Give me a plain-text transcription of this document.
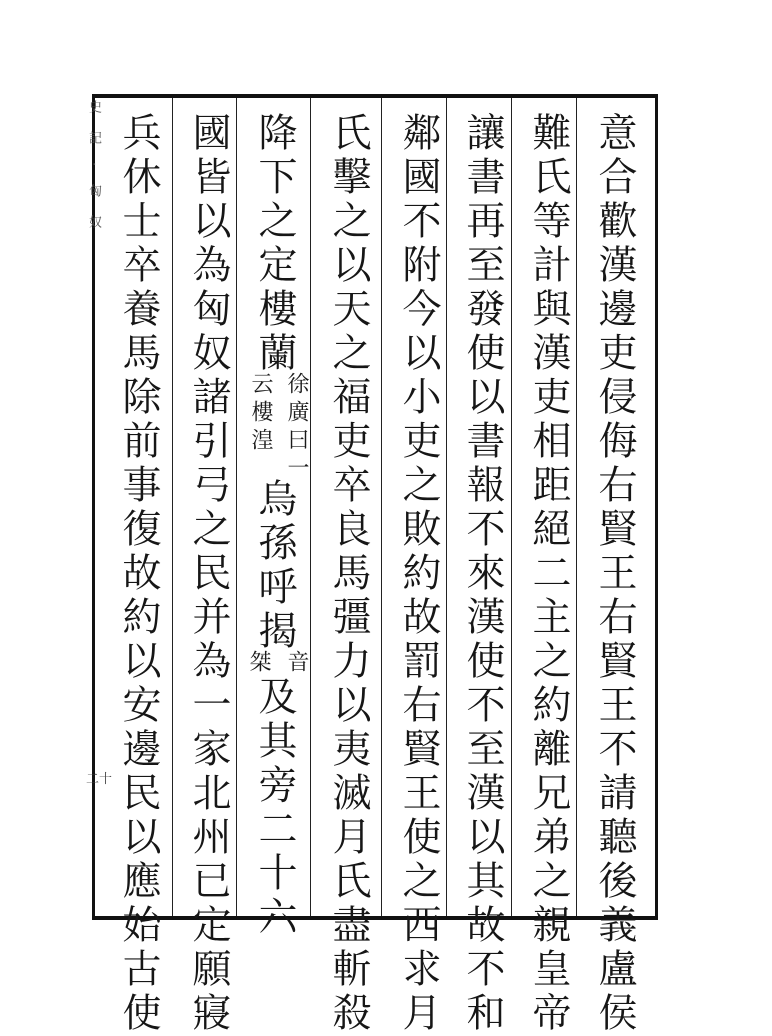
意合歡漢邊吏侵侮右賢王右賢王不請聽後義盧侯
難氏等計與漢吏相距絕二主之約離兄弟之親皇帝
讓書再至發使以書報不來漢使不至漢以其故不和
鄰國不附今以小吏之敗約故罰右賢王使之西求月
氏擊之以天之福吏卒良馬彊力以夷滅月氏盡斬殺
降下之定樓蘭
徐廣曰一
云樓湟
烏孫呼揭
音
桀
及其旁二十六
國皆以為匈奴諸引弓之民并為一家北州已定願寢
兵休士卒養馬除前事復故約以安邊民以應始古使
史記·匈奴
二十
